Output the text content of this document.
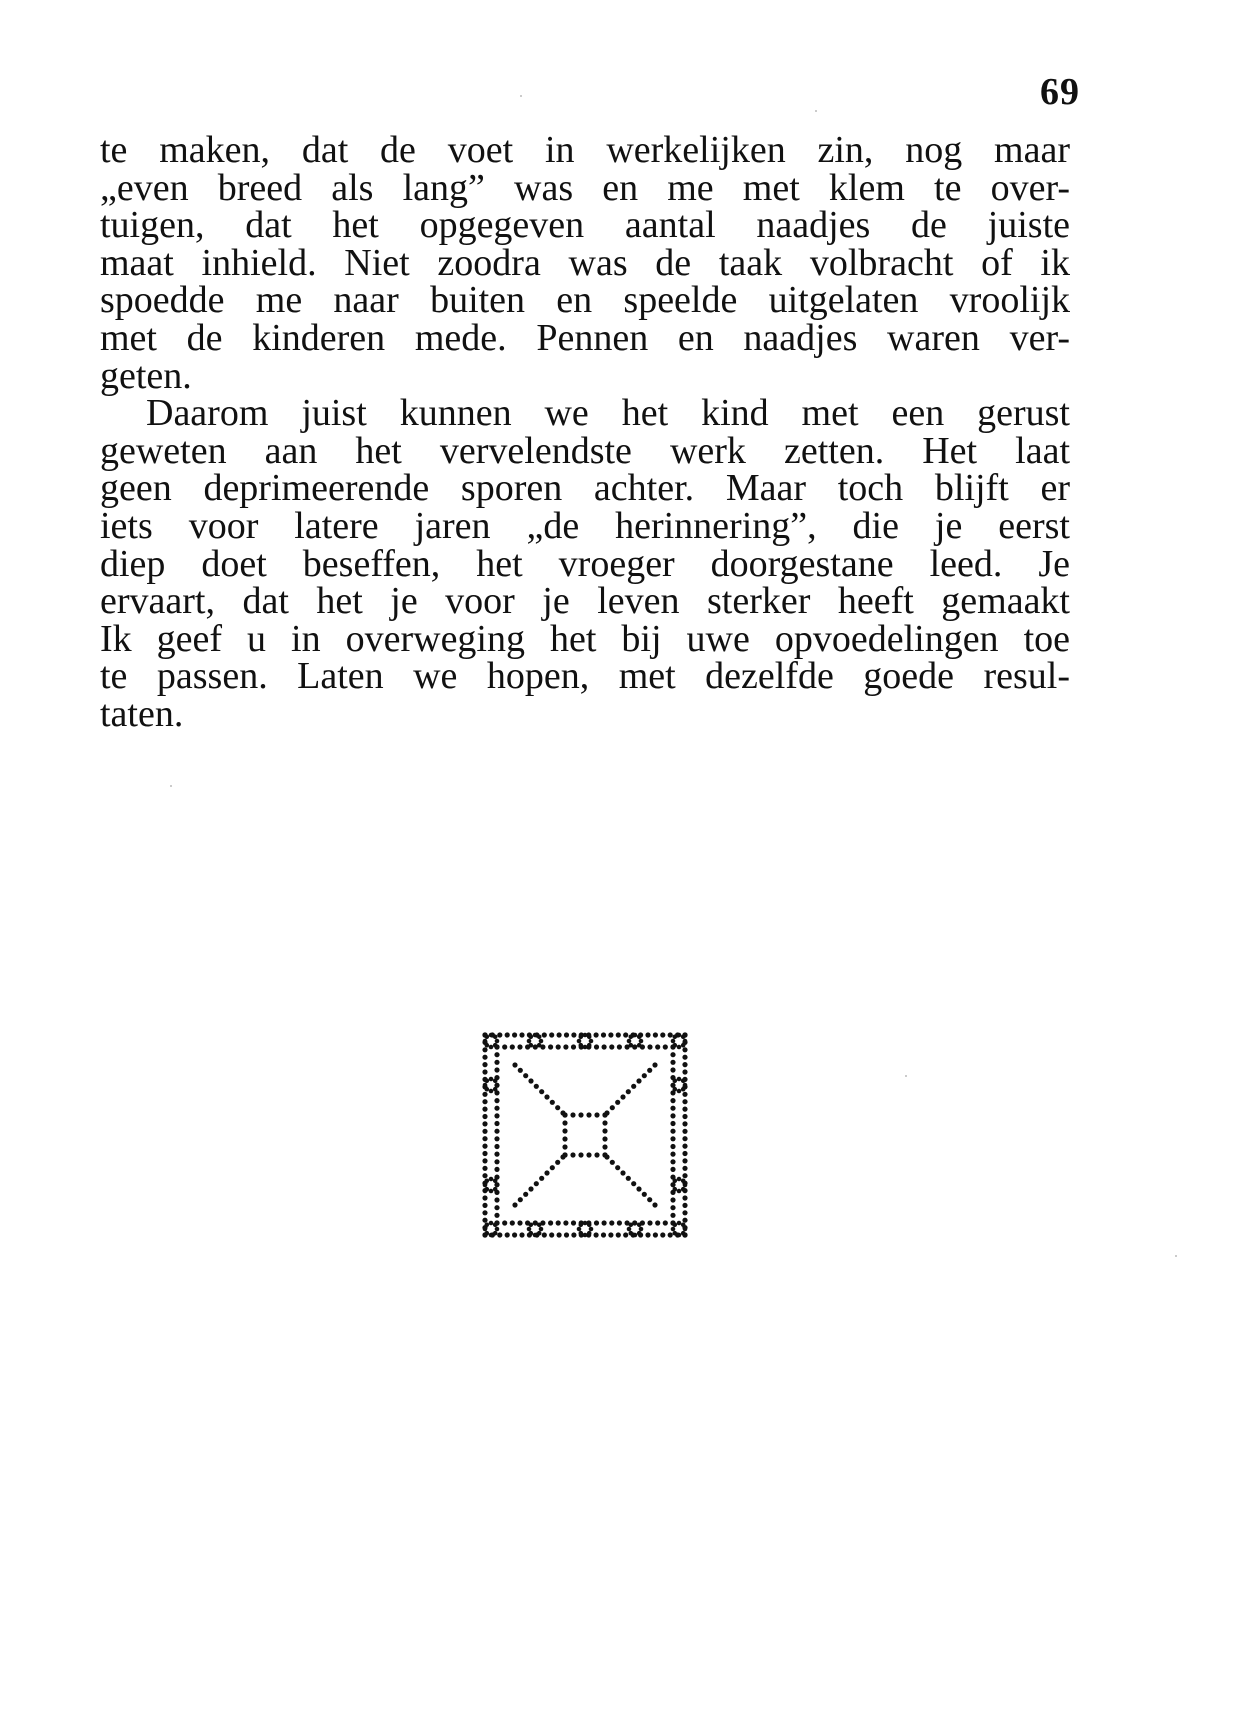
69
te maken, dat de voet in werkelijken zin, nog maar
„even breed als lang” was en me met klem te over-
tuigen, dat het opgegeven aantal naadjes de juiste
maat inhield. Niet zoodra was de taak volbracht of ik
spoedde me naar buiten en speelde uitgelaten vroolijk
met de kinderen mede. Pennen en naadjes waren ver-
geten.
Daarom juist kunnen we het kind met een gerust
geweten aan het vervelendste werk zetten. Het laat
geen deprimeerende sporen achter. Maar toch blijft er
iets voor latere jaren „de herinnering”, die je eerst
diep doet beseffen, het vroeger doorgestane leed. Je
ervaart, dat het je voor je leven sterker heeft gemaakt
Ik geef u in overweging het bij uwe opvoedelingen toe
te passen. Laten we hopen, met dezelfde goede resul-
taten.
